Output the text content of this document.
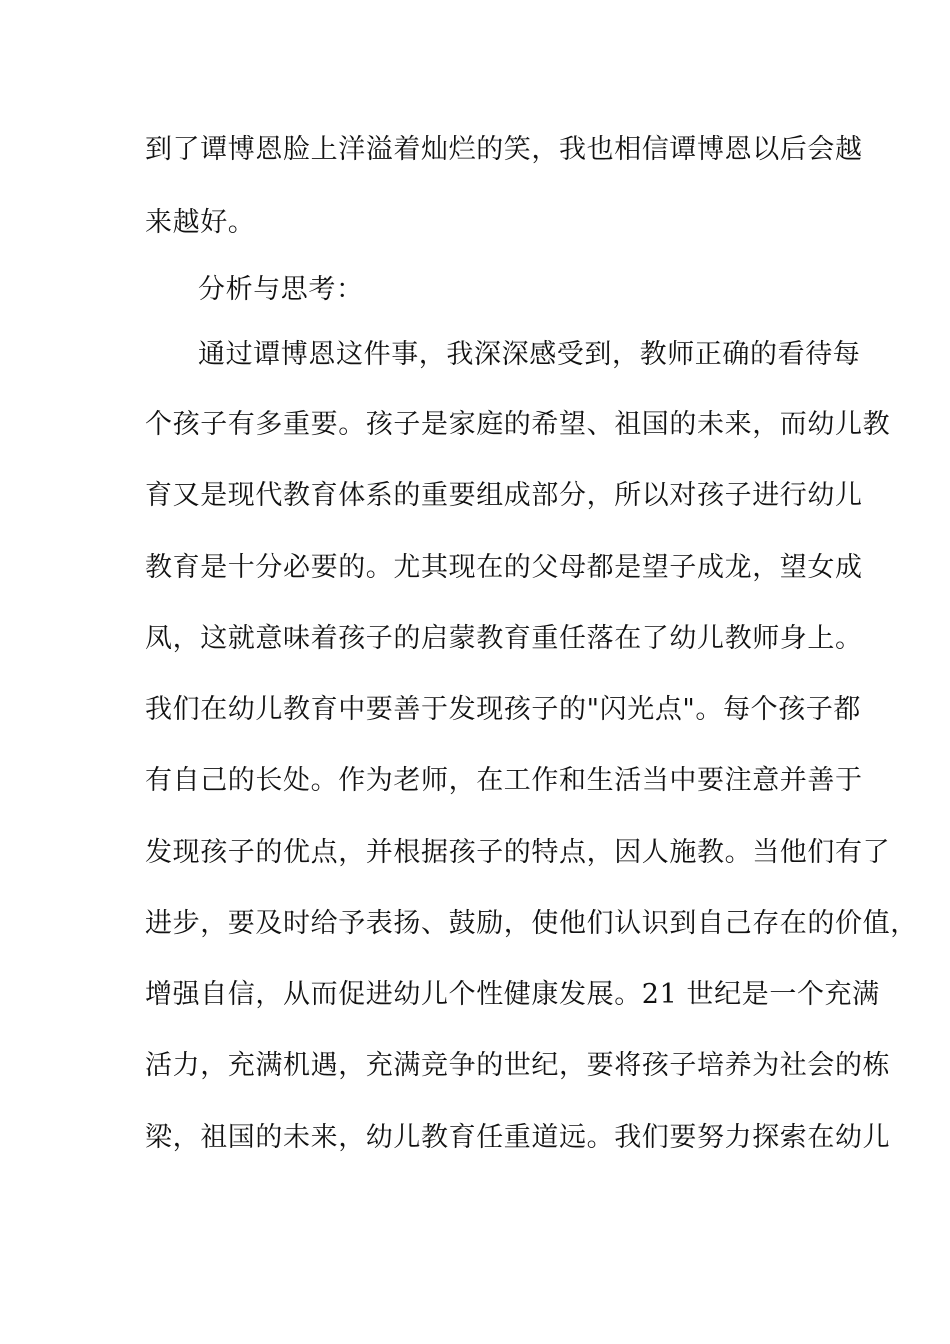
到了谭博恩脸上洋溢着灿烂的笑，我也相信谭博恩以后会越
来越好。
分析与思考：
通过谭博恩这件事，我深深感受到，教师正确的看待每
个孩子有多重要。孩子是家庭的希望、祖国的未来，而幼儿教
育又是现代教育体系的重要组成部分，所以对孩子进行幼儿
教育是十分必要的。尤其现在的父母都是望子成龙，望女成
凤，这就意味着孩子的启蒙教育重任落在了幼儿教师身上。
我们在幼儿教育中要善于发现孩子的"闪光点"。每个孩子都
有自己的长处。作为老师，在工作和生活当中要注意并善于
发现孩子的优点，并根据孩子的特点，因人施教。当他们有了
进步，要及时给予表扬、鼓励，使他们认识到自己存在的价值，
增强自信，从而促进幼儿个性健康发展。21 世纪是一个充满
活力，充满机遇，充满竞争的世纪，要将孩子培养为社会的栋
梁，祖国的未来，幼儿教育任重道远。我们要努力探索在幼儿
